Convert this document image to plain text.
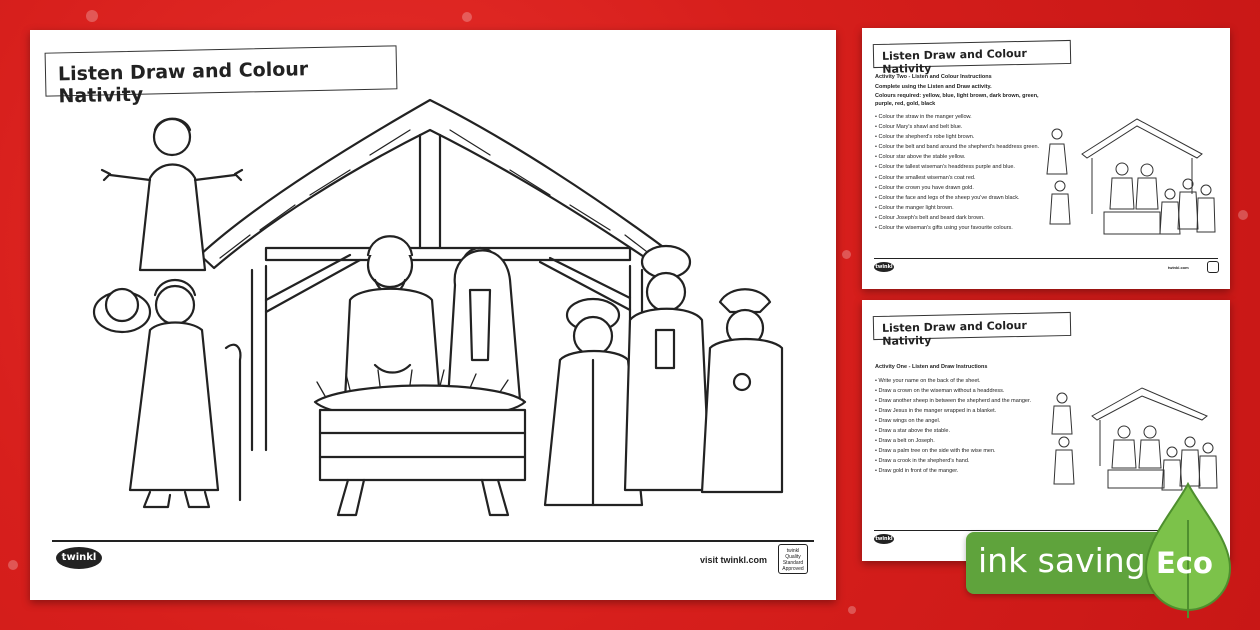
Listen Draw and Colour Nativity
twinkl	visit twinkl.com
twinkl Quality Standard Approved
Listen Draw and Colour Nativity
Activity Two - Listen and Colour Instructions
Complete using the Listen and Draw activity.
Colours required: yellow, blue, light brown, dark brown, green, purple, red, gold, black
• Colour the straw in the manger yellow.
• Colour Mary's shawl and belt blue.
• Colour the shepherd's robe light brown.
• Colour the belt and band around the shepherd's headdress green.
• Colour star above the stable yellow.
• Colour the tallest wiseman's headdress purple and blue.
• Colour the smallest wiseman's coat red.
• Colour the crown you have drawn gold.
• Colour the face and legs of the sheep you've drawn black.
• Colour the manger light brown.
• Colour Joseph's belt and beard dark brown.
• Colour the wiseman's gifts using your favourite colours.
twinkl	twinkl.com
Listen Draw and Colour Nativity
Activity One - Listen and Draw Instructions
• Write your name on the back of the sheet.
• Draw a crown on the wiseman without a headdress.
• Draw another sheep in between the shepherd and the manger.
• Draw Jesus in the manger wrapped in a blanket.
• Draw wings on the angel.
• Draw a star above the stable.
• Draw a belt on Joseph.
• Draw a palm tree on the side with the wise men.
• Draw a crook in the shepherd's hand.
• Draw gold in front of the manger.
twinkl
ink saving Eco
